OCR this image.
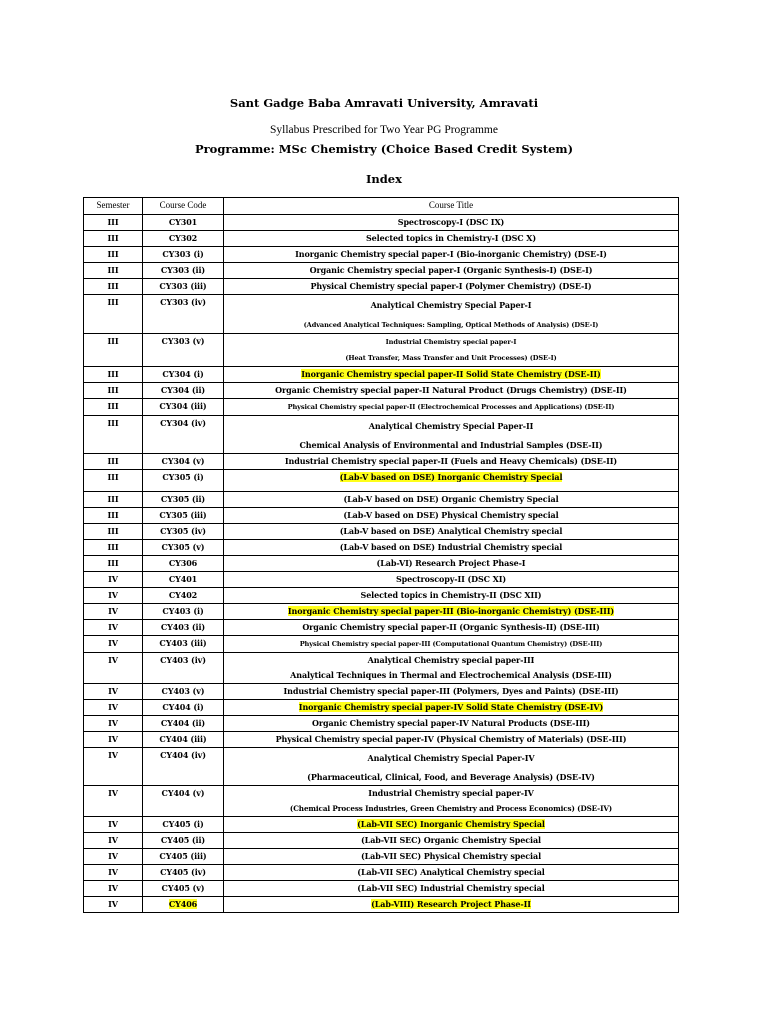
Sant Gadge Baba Amravati University, Amravati
Syllabus Prescribed for Two Year PG Programme
Programme: MSc Chemistry (Choice Based Credit System)
Index
Semester	Course Code	Course Title
III	CY301	Spectroscopy-I (DSC IX)

III	CY302	Selected topics in Chemistry-I (DSC X)

III	CY303 (i)	Inorganic Chemistry special paper-I (Bio-inorganic Chemistry) (DSE-I)

III	CY303 (ii)	Organic Chemistry special paper-I (Organic Synthesis-I) (DSE-I)

III	CY303 (iii)	Physical Chemistry special paper-I (Polymer Chemistry) (DSE-I)

III	CY303 (iv)	Analytical Chemistry Special Paper-I
(Advanced Analytical Techniques: Sampling, Optical Methods of Analysis) (DSE-I)

III	CY303 (v)	Industrial Chemistry special paper-I
(Heat Transfer, Mass Transfer and Unit Processes) (DSE-I)

III	CY304 (i)	Inorganic Chemistry special paper-II Solid State Chemistry (DSE-II)

III	CY304 (ii)	Organic Chemistry special paper-II Natural Product (Drugs Chemistry) (DSE-II)

III	CY304 (iii)	Physical Chemistry special paper-II (Electrochemical Processes and Applications) (DSE-II)

III	CY304 (iv)	Analytical Chemistry Special Paper-II
Chemical Analysis of Environmental and Industrial Samples (DSE-II)

III	CY304 (v)	Industrial Chemistry special paper-II (Fuels and Heavy Chemicals) (DSE-II)

III	CY305 (i)	(Lab-V based on DSE) Inorganic Chemistry Special

III	CY305 (ii)	(Lab-V based on DSE) Organic Chemistry Special

III	CY305 (iii)	(Lab-V based on DSE) Physical Chemistry special

III	CY305 (iv)	(Lab-V based on DSE) Analytical Chemistry special

III	CY305 (v)	(Lab-V based on DSE) Industrial Chemistry special

III	CY306	(Lab-VI) Research Project Phase-I

IV	CY401	Spectroscopy-II (DSC XI)

IV	CY402	Selected topics in Chemistry-II (DSC XII)

IV	CY403 (i)	Inorganic Chemistry special paper-III (Bio-inorganic Chemistry) (DSE-III)

IV	CY403 (ii)	Organic Chemistry special paper-II (Organic Synthesis-II) (DSE-III)

IV	CY403 (iii)	Physical Chemistry special paper-III (Computational Quantum Chemistry) (DSE-III)

IV	CY403 (iv)	Analytical Chemistry special paper-III
Analytical Techniques in Thermal and Electrochemical Analysis (DSE-III)

IV	CY403 (v)	Industrial Chemistry special paper-III (Polymers, Dyes and Paints) (DSE-III)

IV	CY404 (i)	Inorganic Chemistry special paper-IV Solid State Chemistry (DSE-IV)

IV	CY404 (ii)	Organic Chemistry special paper-IV Natural Products (DSE-III)

IV	CY404 (iii)	Physical Chemistry special paper-IV (Physical Chemistry of Materials) (DSE-III)

IV	CY404 (iv)	Analytical Chemistry Special Paper-IV
(Pharmaceutical, Clinical, Food, and Beverage Analysis) (DSE-IV)

IV	CY404 (v)	Industrial Chemistry special paper-IV
(Chemical Process Industries, Green Chemistry and Process Economics) (DSE-IV)

IV	CY405 (i)	(Lab-VII SEC) Inorganic Chemistry Special

IV	CY405 (ii)	(Lab-VII SEC) Organic Chemistry Special

IV	CY405 (iii)	(Lab-VII SEC) Physical Chemistry special

IV	CY405 (iv)	(Lab-VII SEC) Analytical Chemistry special

IV	CY405 (v)	(Lab-VII SEC) Industrial Chemistry special

IV	CY406	(Lab-VIII) Research Project Phase-II
